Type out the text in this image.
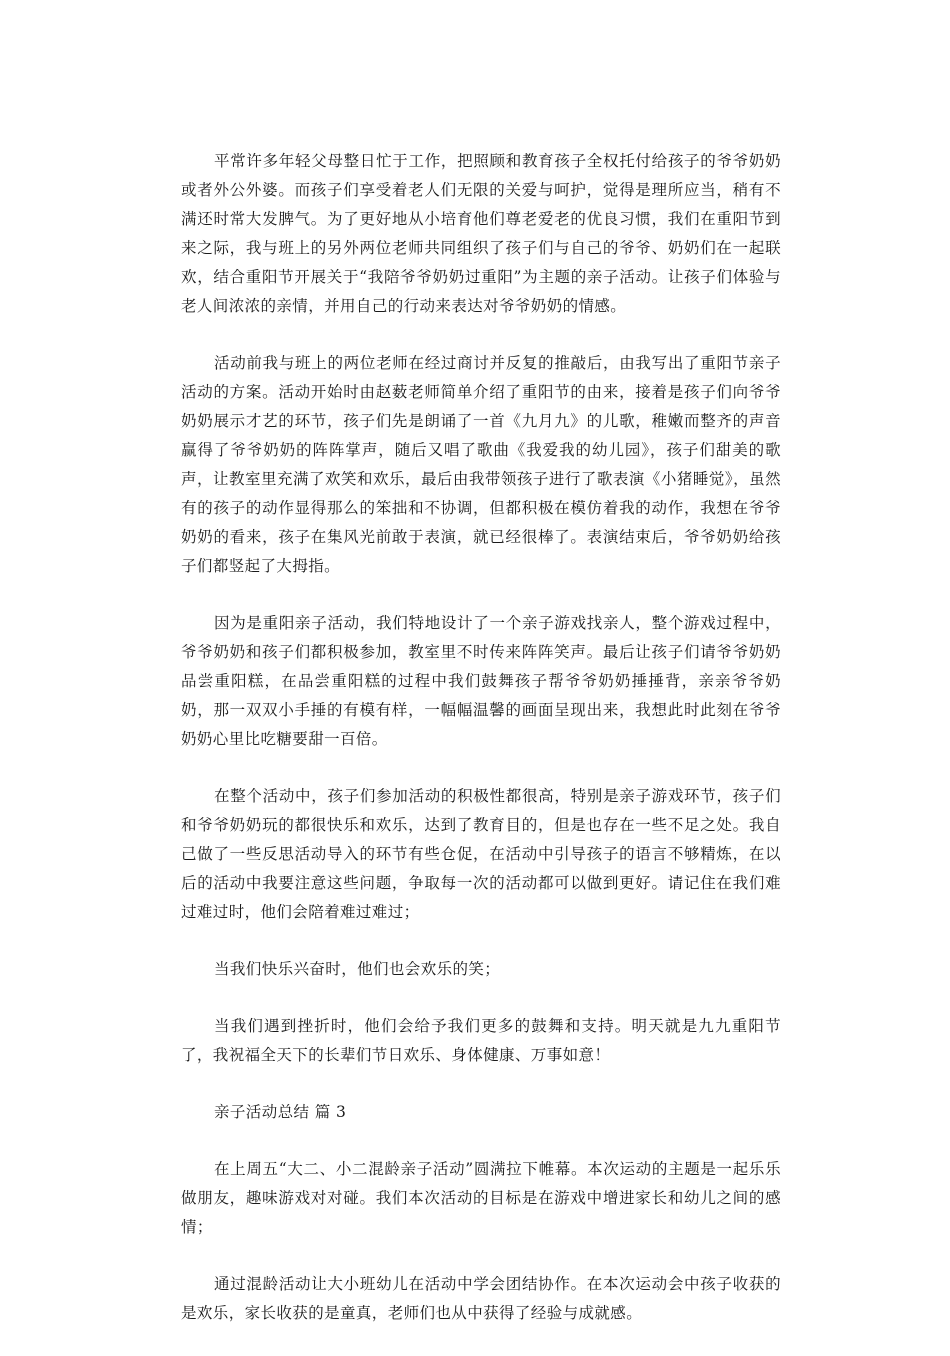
平常许多年轻父母整日忙于工作，把照顾和教育孩子全权托付给孩子的爷爷奶奶或者外公外婆。而孩子们享受着老人们无限的关爱与呵护，觉得是理所应当，稍有不满还时常大发脾气。为了更好地从小培育他们尊老爱老的优良习惯，我们在重阳节到来之际，我与班上的另外两位老师共同组织了孩子们与自己的爷爷、奶奶们在一起联欢，结合重阳节开展关于“我陪爷爷奶奶过重阳”为主题的亲子活动。让孩子们体验与老人间浓浓的亲情，并用自己的行动来表达对爷爷奶奶的情感。

活动前我与班上的两位老师在经过商讨并反复的推敲后，由我写出了重阳节亲子活动的方案。活动开始时由赵薮老师简单介绍了重阳节的由来，接着是孩子们向爷爷奶奶展示才艺的环节，孩子们先是朗诵了一首《九月九》的儿歌，稚嫩而整齐的声音赢得了爷爷奶奶的阵阵掌声，随后又唱了歌曲《我爱我的幼儿园》，孩子们甜美的歌声，让教室里充满了欢笑和欢乐，最后由我带领孩子进行了歌表演《小猪睡觉》，虽然有的孩子的动作显得那么的笨拙和不协调，但都积极在模仿着我的动作，我想在爷爷奶奶的看来，孩子在集风光前敢于表演，就已经很棒了。表演结束后，爷爷奶奶给孩子们都竖起了大拇指。

因为是重阳亲子活动，我们特地设计了一个亲子游戏找亲人，整个游戏过程中，爷爷奶奶和孩子们都积极参加，教室里不时传来阵阵笑声。最后让孩子们请爷爷奶奶品尝重阳糕，在品尝重阳糕的过程中我们鼓舞孩子帮爷爷奶奶捶捶背，亲亲爷爷奶奶，那一双双小手捶的有模有样，一幅幅温馨的画面呈现出来，我想此时此刻在爷爷奶奶心里比吃糖要甜一百倍。

在整个活动中，孩子们参加活动的积极性都很高，特别是亲子游戏环节，孩子们和爷爷奶奶玩的都很快乐和欢乐，达到了教育目的，但是也存在一些不足之处。我自己做了一些反思活动导入的环节有些仓促，在活动中引导孩子的语言不够精炼，在以后的活动中我要注意这些问题，争取每一次的活动都可以做到更好。请记住在我们难过难过时，他们会陪着难过难过；

当我们快乐兴奋时，他们也会欢乐的笑；

当我们遇到挫折时，他们会给予我们更多的鼓舞和支持。明天就是九九重阳节了，我祝福全天下的长辈们节日欢乐、身体健康、万事如意！

亲子活动总结 篇 3

在上周五“大二、小二混龄亲子活动”圆满拉下帷幕。本次运动的主题是一起乐乐做朋友，趣味游戏对对碰。我们本次活动的目标是在游戏中增进家长和幼儿之间的感情；

通过混龄活动让大小班幼儿在活动中学会团结协作。在本次运动会中孩子收获的是欢乐，家长收获的是童真，老师们也从中获得了经验与成就感。
